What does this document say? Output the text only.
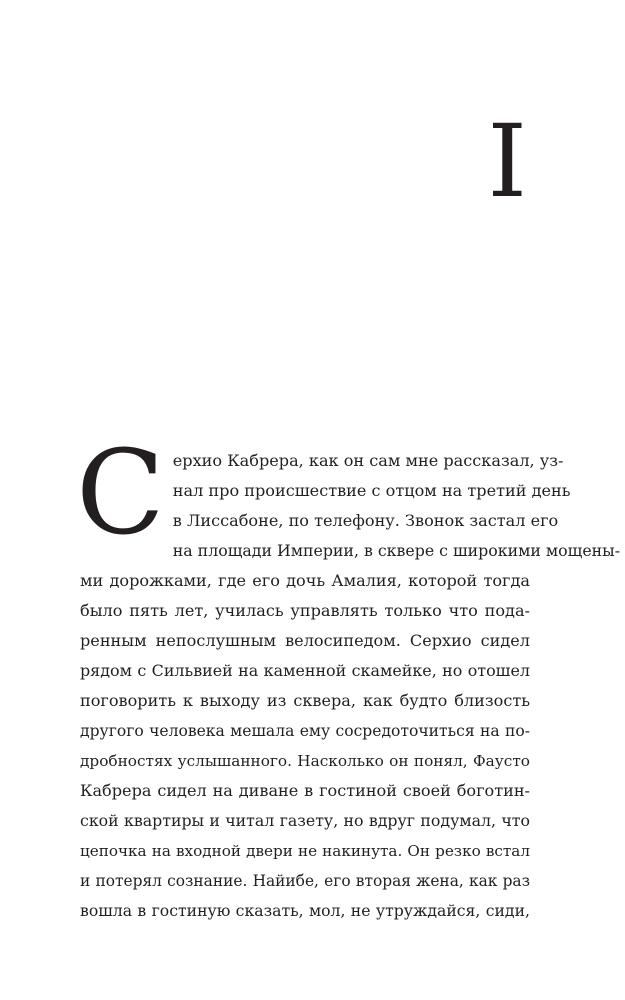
I
С ерхио Кабрера, как он сам мне рассказал, уз-
нал про происшествие с отцом на третий день
в Лиссабоне, по телефону. Звонок застал его
на площади Империи, в сквере с широкими мощены-
ми дорожками, где его дочь Амалия, которой тогда
было пять лет, училась управлять только что пода-
ренным непослушным велосипедом. Серхио сидел
рядом с Сильвией на каменной скамейке, но отошел
поговорить к выходу из сквера, как будто близость
другого человека мешала ему сосредоточиться на по-
дробностях услышанного. Насколько он понял, Фаусто
Кабрера сидел на диване в гостиной своей боготин-
ской квартиры и читал газету, но вдруг подумал, что
цепочка на входной двери не накинута. Он резко встал
и потерял сознание. Найибе, его вторая жена, как раз
вошла в гостиную сказать, мол, не утруждайся, сиди,
